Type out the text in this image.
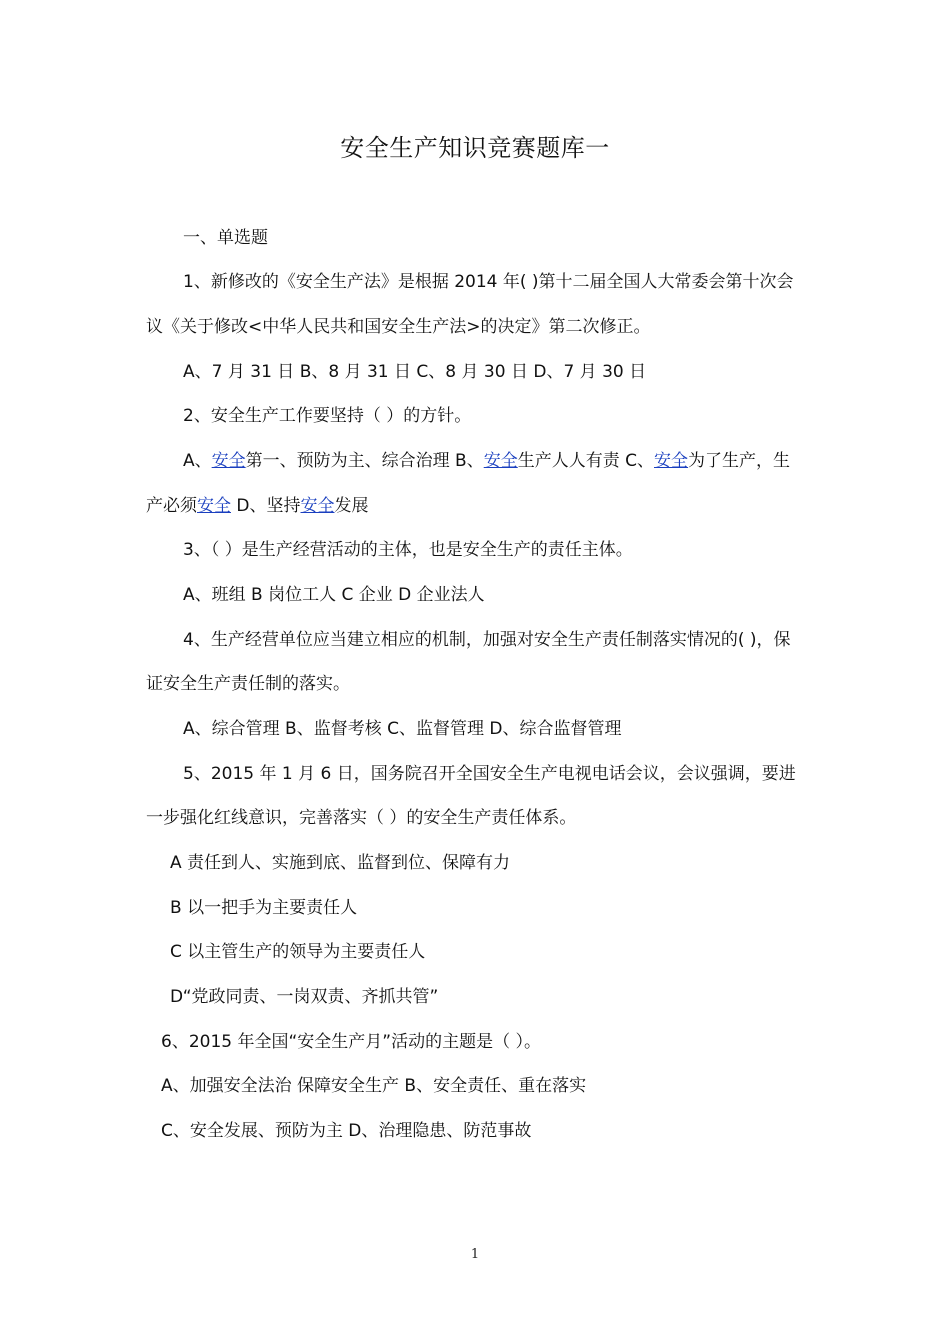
安全生产知识竞赛题库一
一、单选题
1、新修改的《安全生产法》是根据 2014 年( )第十二届全国人大常委会第十次会
议《关于修改<中华人民共和国安全生产法>的决定》第二次修正。
A、7 月 31 日 B、8 月 31 日 C、8 月 30 日 D、7 月 30 日
2、安全生产工作要坚持（ ）的方针。
A、安全第一、预防为主、综合治理 B、安全生产人人有责 C、安全为了生产，生
产必须安全 D、坚持安全发展
3、（ ）是生产经营活动的主体，也是安全生产的责任主体。
A、班组 B 岗位工人 C 企业 D 企业法人
4、生产经营单位应当建立相应的机制，加强对安全生产责任制落实情况的( )，保
证安全生产责任制的落实。
A、综合管理 B、监督考核 C、监督管理 D、综合监督管理
5、2015 年 1 月 6 日，国务院召开全国安全生产电视电话会议，会议强调，要进
一步强化红线意识，完善落实（ ）的安全生产责任体系。
A 责任到人、实施到底、监督到位、保障有力
B 以一把手为主要责任人
C 以主管生产的领导为主要责任人
D“党政同责、一岗双责、齐抓共管”
6、2015 年全国“安全生产月”活动的主题是（ ）。
A、加强安全法治 保障安全生产 B、安全责任、重在落实
C、安全发展、预防为主 D、治理隐患、防范事故
1
